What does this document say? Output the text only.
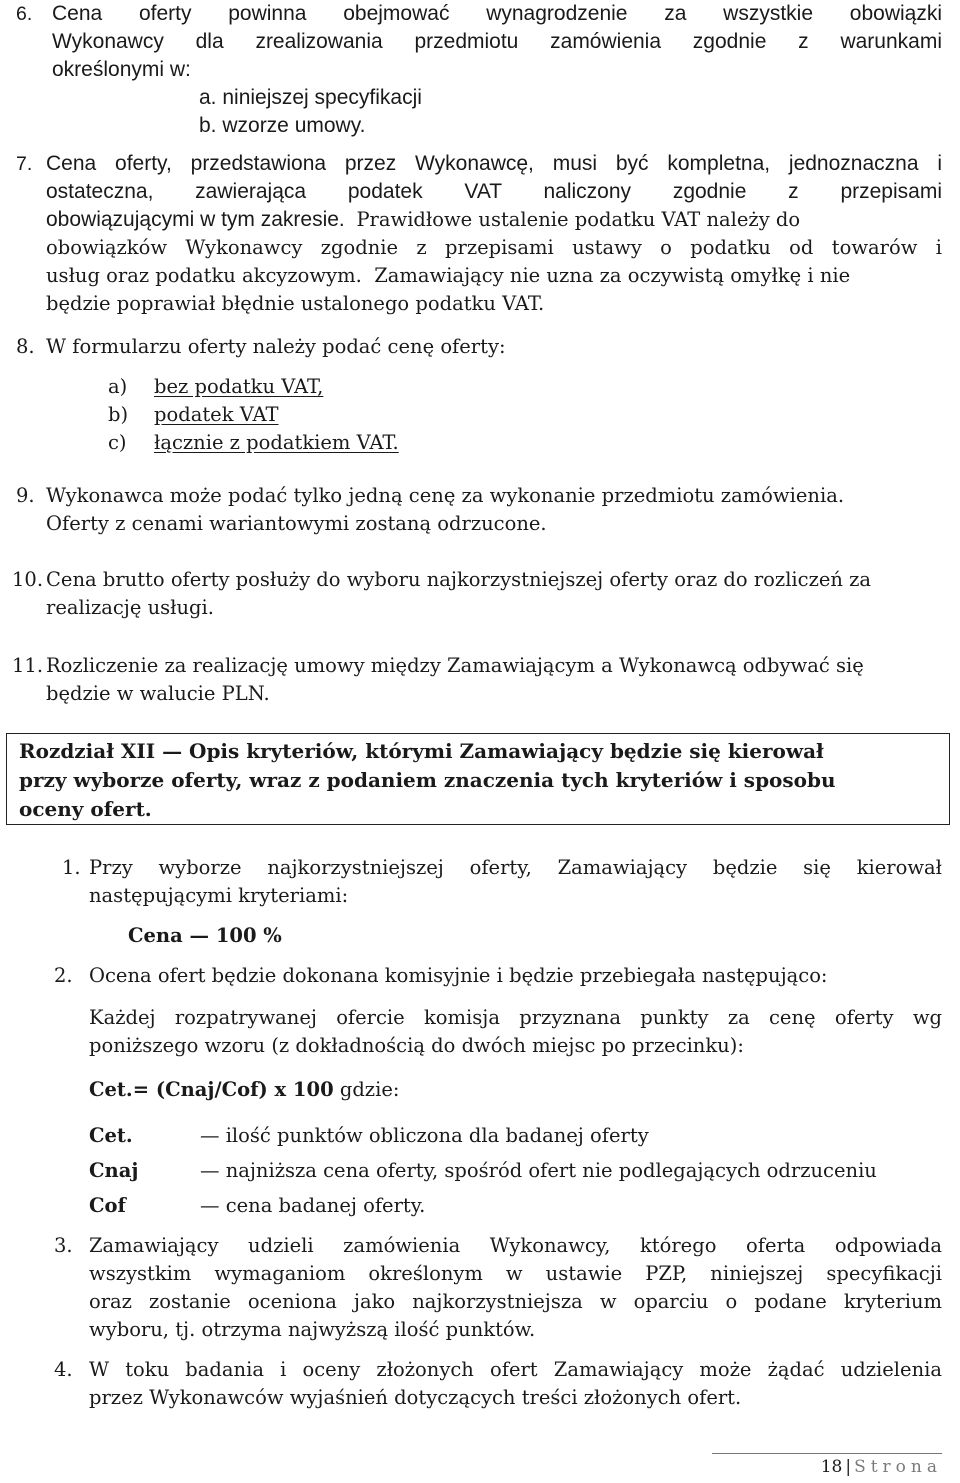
6. Cena oferty powinna obejmować wynagrodzenie za wszystkie obowiązki
Wykonawcy dla zrealizowania przedmiotu zamówienia zgodnie z warunkami
określonymi w:
a. niniejszej specyfikacji
b. wzorze umowy.
7. Cena oferty, przedstawiona przez Wykonawcę, musi być kompletna, jednoznaczna i
ostateczna, zawierająca podatek VAT naliczony zgodnie z przepisami
obowiązującymi w tym zakresie. Prawidłowe ustalenie podatku VAT należy do
obowiązków Wykonawcy zgodnie z przepisami ustawy o podatku od towarów i
usług oraz podatku akcyzowym. Zamawiający nie uzna za oczywistą omyłkę i nie
będzie poprawiał błędnie ustalonego podatku VAT.
8. W formularzu oferty należy podać cenę oferty:
a) bez podatku VAT,
b) podatek VAT
c) łącznie z podatkiem VAT.
9. Wykonawca może podać tylko jedną cenę za wykonanie przedmiotu zamówienia.
Oferty z cenami wariantowymi zostaną odrzucone.
10. Cena brutto oferty posłuży do wyboru najkorzystniejszej oferty oraz do rozliczeń za
realizację usługi.
11. Rozliczenie za realizację umowy między Zamawiającym a Wykonawcą odbywać się
będzie w walucie PLN.
Rozdział XII — Opis kryteriów, którymi Zamawiający będzie się kierował
przy wyborze oferty, wraz z podaniem znaczenia tych kryteriów i sposobu
oceny ofert.
1. Przy wyborze najkorzystniejszej oferty, Zamawiający będzie się kierował
następującymi kryteriami:
Cena — 100 %
2. Ocena ofert będzie dokonana komisyjnie i będzie przebiegała następująco:
Każdej rozpatrywanej ofercie komisja przyznana punkty za cenę oferty wg
poniższego wzoru (z dokładnością do dwóch miejsc po przecinku):
Cet.= (Cnaj/Cof) x 100 gdzie:
Cet.	— ilość punktów obliczona dla badanej oferty
Cnaj	— najniższa cena oferty, spośród ofert nie podlegających odrzuceniu
Cof	— cena badanej oferty.
3. Zamawiający udzieli zamówienia Wykonawcy, którego oferta odpowiada
wszystkim wymaganiom określonym w ustawie PZP, niniejszej specyfikacji
oraz zostanie oceniona jako najkorzystniejsza w oparciu o podane kryterium
wyboru, tj. otrzyma najwyższą ilość punktów.
4. W toku badania i oceny złożonych ofert Zamawiający może żądać udzielenia
przez Wykonawców wyjaśnień dotyczących treści złożonych ofert.
18 | Strona
